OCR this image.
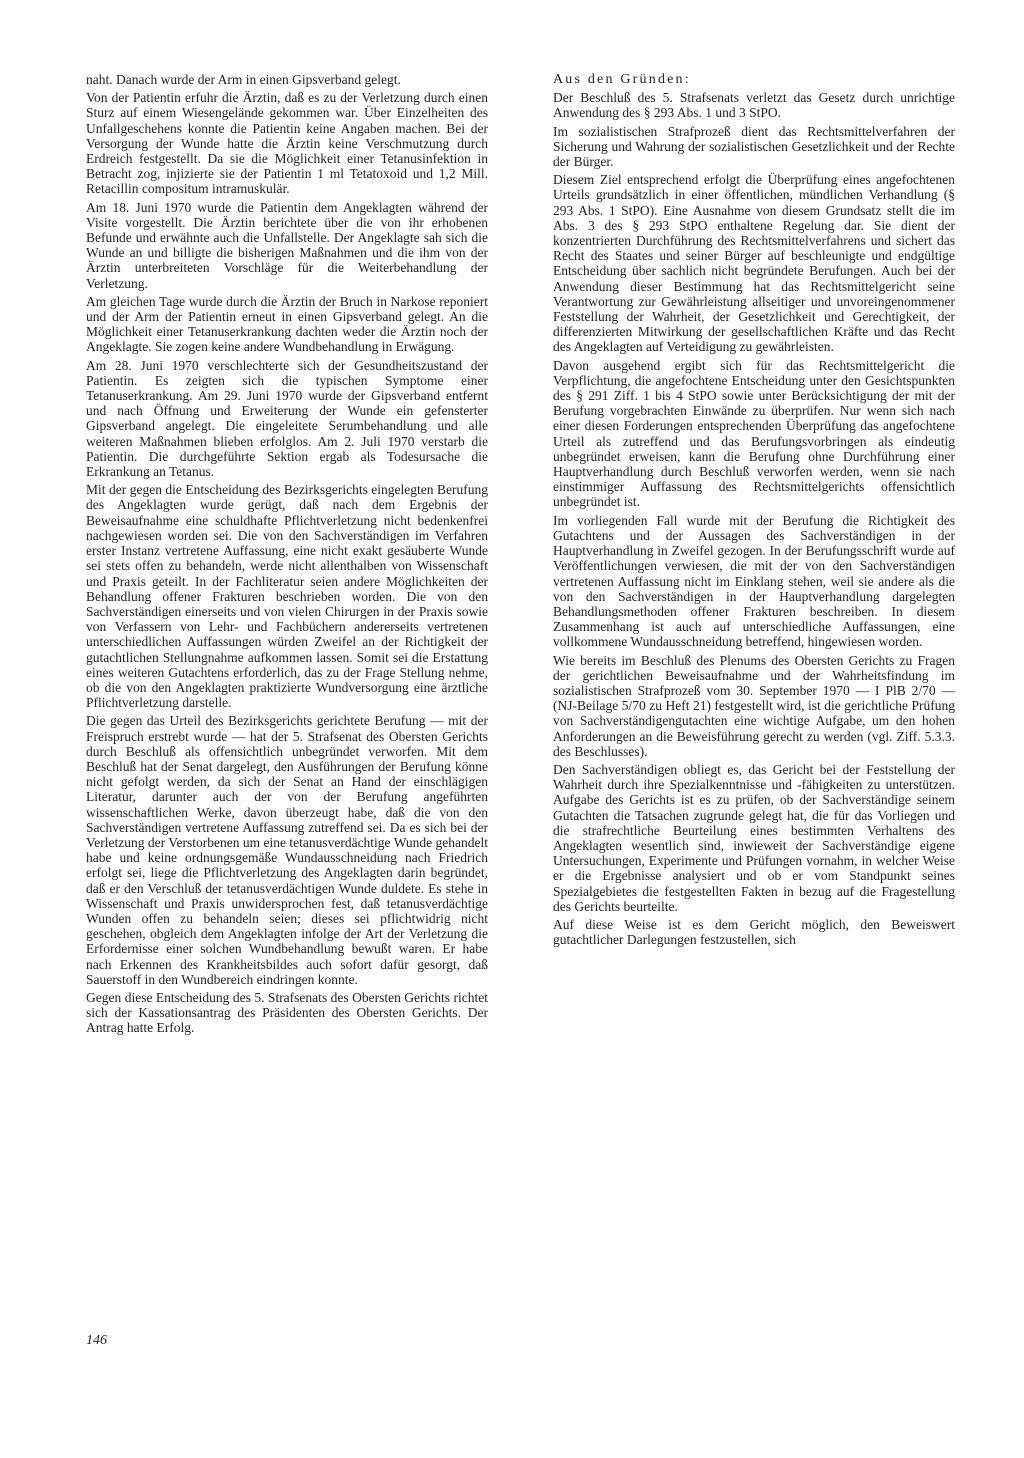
naht. Danach wurde der Arm in einen Gipsverband gelegt.

Von der Patientin erfuhr die Ärztin, daß es zu der Verletzung durch einen Sturz auf einem Wiesengelände gekommen war. Über Einzelheiten des Unfallgeschehens konnte die Patientin keine Angaben machen. Bei der Versorgung der Wunde hatte die Ärztin keine Verschmutzung durch Erdreich festgestellt. Da sie die Möglichkeit einer Tetanusinfektion in Betracht zog, injizierte sie der Patientin 1 ml Tetatoxoid und 1,2 Mill. Retacillin compositum intramuskulär.

Am 18. Juni 1970 wurde die Patientin dem Angeklagten während der Visite vorgestellt. Die Ärztin berichtete über die von ihr erhobenen Befunde und erwähnte auch die Unfallstelle. Der Angeklagte sah sich die Wunde an und billigte die bisherigen Maßnahmen und die ihm von der Ärztin unterbreiteten Vorschläge für die Weiterbehandlung der Verletzung.

Am gleichen Tage wurde durch die Ärztin der Bruch in Narkose reponiert und der Arm der Patientin erneut in einen Gipsverband gelegt. An die Möglichkeit einer Tetanuserkrankung dachten weder die Ärztin noch der Angeklagte. Sie zogen keine andere Wundbehandlung in Erwägung.

Am 28. Juni 1970 verschlechterte sich der Gesundheitszustand der Patientin. Es zeigten sich die typischen Symptome einer Tetanuserkrankung. Am 29. Juni 1970 wurde der Gipsverband entfernt und nach Öffnung und Erweiterung der Wunde ein gefensterter Gipsverband angelegt. Die eingeleitete Serumbehandlung und alle weiteren Maßnahmen blieben erfolglos. Am 2. Juli 1970 verstarb die Patientin. Die durchgeführte Sektion ergab als Todesursache die Erkrankung an Tetanus.

Mit der gegen die Entscheidung des Bezirksgerichts eingelegten Berufung des Angeklagten wurde gerügt, daß nach dem Ergebnis der Beweisaufnahme eine schuldhafte Pflichtverletzung nicht bedenkenfrei nachgewiesen worden sei. Die von den Sachverständigen im Verfahren erster Instanz vertretene Auffassung, eine nicht exakt gesäuberte Wunde sei stets offen zu behandeln, werde nicht allenthalben von Wissenschaft und Praxis geteilt. In der Fachliteratur seien andere Möglichkeiten der Behandlung offener Frakturen beschrieben worden. Die von den Sachverständigen einerseits und von vielen Chirurgen in der Praxis sowie von Verfassern von Lehr- und Fachbüchern andererseits vertretenen unterschiedlichen Auffassungen würden Zweifel an der Richtigkeit der gutachtlichen Stellungnahme aufkommen lassen. Somit sei die Erstattung eines weiteren Gutachtens erforderlich, das zu der Frage Stellung nehme, ob die von den Angeklagten praktizierte Wundversorgung eine ärztliche Pflichtverletzung darstelle.

Die gegen das Urteil des Bezirksgerichts gerichtete Berufung — mit der Freispruch erstrebt wurde — hat der 5. Strafsenat des Obersten Gerichts durch Beschluß als offensichtlich unbegründet verworfen. Mit dem Beschluß hat der Senat dargelegt, den Ausführungen der Berufung könne nicht gefolgt werden, da sich der Senat an Hand der einschlägigen Literatur, darunter auch der von der Berufung angeführten wissenschaftlichen Werke, davon überzeugt habe, daß die von den Sachverständigen vertretene Auffassung zutreffend sei. Da es sich bei der Verletzung der Verstorbenen um eine tetanusverdächtige Wunde gehandelt habe und keine ordnungsgemäße Wundausschneidung nach Friedrich erfolgt sei, liege die Pflichtverletzung des Angeklagten darin begründet, daß er den Verschluß der tetanusverdächtigen Wunde duldete. Es stehe in Wissenschaft und Praxis unwidersprochen fest, daß tetanusverdächtige Wunden offen zu behandeln seien; dieses sei pflichtwidrig nicht geschehen, obgleich dem Angeklagten infolge der Art der Verletzung die Erfordernisse einer solchen Wundbehandlung bewußt waren. Er habe nach Erkennen des Krankheitsbildes auch sofort dafür gesorgt, daß Sauerstoff in den Wundbereich eindringen konnte.

Gegen diese Entscheidung des 5. Strafsenats des Obersten Gerichts richtet sich der Kassationsantrag des Präsidenten des Obersten Gerichts. Der Antrag hatte Erfolg.

Aus den Gründen:

Der Beschluß des 5. Strafsenats verletzt das Gesetz durch unrichtige Anwendung des § 293 Abs. 1 und 3 StPO.

Im sozialistischen Strafprozeß dient das Rechtsmittelverfahren der Sicherung und Wahrung der sozialistischen Gesetzlichkeit und der Rechte der Bürger.

Diesem Ziel entsprechend erfolgt die Überprüfung eines angefochtenen Urteils grundsätzlich in einer öffentlichen, mündlichen Verhandlung (§ 293 Abs. 1 StPO). Eine Ausnahme von diesem Grundsatz stellt die im Abs. 3 des § 293 StPO enthaltene Regelung dar. Sie dient der konzentrierten Durchführung des Rechtsmittelverfahrens und sichert das Recht des Staates und seiner Bürger auf beschleunigte und endgültige Entscheidung über sachlich nicht begründete Berufungen. Auch bei der Anwendung dieser Bestimmung hat das Rechtsmittelgericht seine Verantwortung zur Gewährleistung allseitiger und unvoreingenommener Feststellung der Wahrheit, der Gesetzlichkeit und Gerechtigkeit, der differenzierten Mitwirkung der gesellschaftlichen Kräfte und das Recht des Angeklagten auf Verteidigung zu gewährleisten.

Davon ausgehend ergibt sich für das Rechtsmittelgericht die Verpflichtung, die angefochtene Entscheidung unter den Gesichtspunkten des § 291 Ziff. 1 bis 4 StPO sowie unter Berücksichtigung der mit der Berufung vorgebrachten Einwände zu überprüfen. Nur wenn sich nach einer diesen Forderungen entsprechenden Überprüfung das angefochtene Urteil als zutreffend und das Berufungsvorbringen als eindeutig unbegründet erweisen, kann die Berufung ohne Durchführung einer Hauptverhandlung durch Beschluß verworfen werden, wenn sie nach einstimmiger Auffassung des Rechtsmittelgerichts offensichtlich unbegründet ist.

Im vorliegenden Fall wurde mit der Berufung die Richtigkeit des Gutachtens und der Aussagen des Sachverständigen in der Hauptverhandlung in Zweifel gezogen. In der Berufungsschrift wurde auf Veröffentlichungen verwiesen, die mit der von den Sachverständigen vertretenen Auffassung nicht im Einklang stehen, weil sie andere als die von den Sachverständigen in der Hauptverhandlung dargelegten Behandlungsmethoden offener Frakturen beschreiben. In diesem Zusammenhang ist auch auf unterschiedliche Auffassungen, eine vollkommene Wundausschneidung betreffend, hingewiesen worden.

Wie bereits im Beschluß des Plenums des Obersten Gerichts zu Fragen der gerichtlichen Beweisaufnahme und der Wahrheitsfindung im sozialistischen Strafprozeß vom 30. September 1970 — I PlB 2/70 — (NJ-Beilage 5/70 zu Heft 21) festgestellt wird, ist die gerichtliche Prüfung von Sachverständigengutachten eine wichtige Aufgabe, um den hohen Anforderungen an die Beweisführung gerecht zu werden (vgl. Ziff. 5.3.3. des Beschlusses).

Den Sachverständigen obliegt es, das Gericht bei der Feststellung der Wahrheit durch ihre Spezialkenntnisse und -fähigkeiten zu unterstützen. Aufgabe des Gerichts ist es zu prüfen, ob der Sachverständige seinem Gutachten die Tatsachen zugrunde gelegt hat, die für das Vorliegen und die strafrechtliche Beurteilung eines bestimmten Verhaltens des Angeklagten wesentlich sind, inwieweit der Sachverständige eigene Untersuchungen, Experimente und Prüfungen vornahm, in welcher Weise er die Ergebnisse analysiert und ob er vom Standpunkt seines Spezialgebietes die festgestellten Fakten in bezug auf die Fragestellung des Gerichts beurteilte.

Auf diese Weise ist es dem Gericht möglich, den Beweiswert gutachtlicher Darlegungen festzustellen, sich

146
